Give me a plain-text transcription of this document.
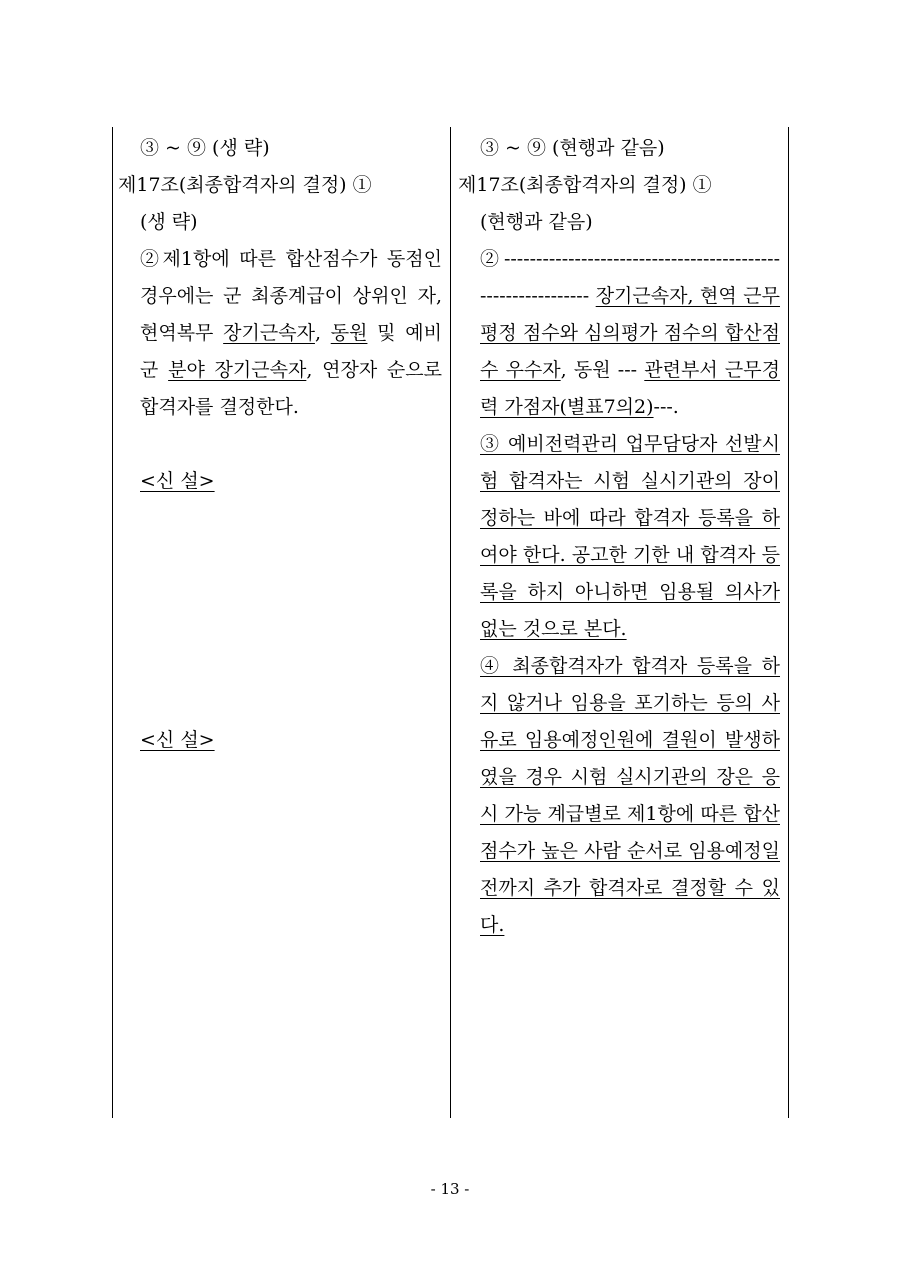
③ ~ ⑨ (생 략)

제17조(최종합격자의 결정) ①

(생 략)

②제1항에 따른 합산점수가 동점인 경우에는 군 최종계급이 상위인 자, 현역복무 장기근속자, 동원 및 예비군 분야 장기근속자, 연장자 순으로 합격자를 결정한다.

<신 설>

<신 설>

③ ~ ⑨ (현행과 같음)

제17조(최종합격자의 결정) ①

(현행과 같음)

②------------------------------------------------------------ 장기근속자, 현역 근무평정 점수와 심의평가 점수의 합산점수 우수자, 동원 --- 관련부서 근무경력 가점자(별표7의2)---.

③ 예비전력관리 업무담당자 선발시험 합격자는 시험 실시기관의 장이 정하는 바에 따라 합격자 등록을 하여야 한다. 공고한 기한 내 합격자 등록을 하지 아니하면 임용될 의사가 없는 것으로 본다.

④ 최종합격자가 합격자 등록을 하지 않거나 임용을 포기하는 등의 사유로 임용예정인원에 결원이 발생하였을 경우 시험 실시기관의 장은 응시 가능 계급별로 제1항에 따른 합산점수가 높은 사람 순서로 임용예정일 전까지 추가 합격자로 결정할 수 있다.

- 13 -
